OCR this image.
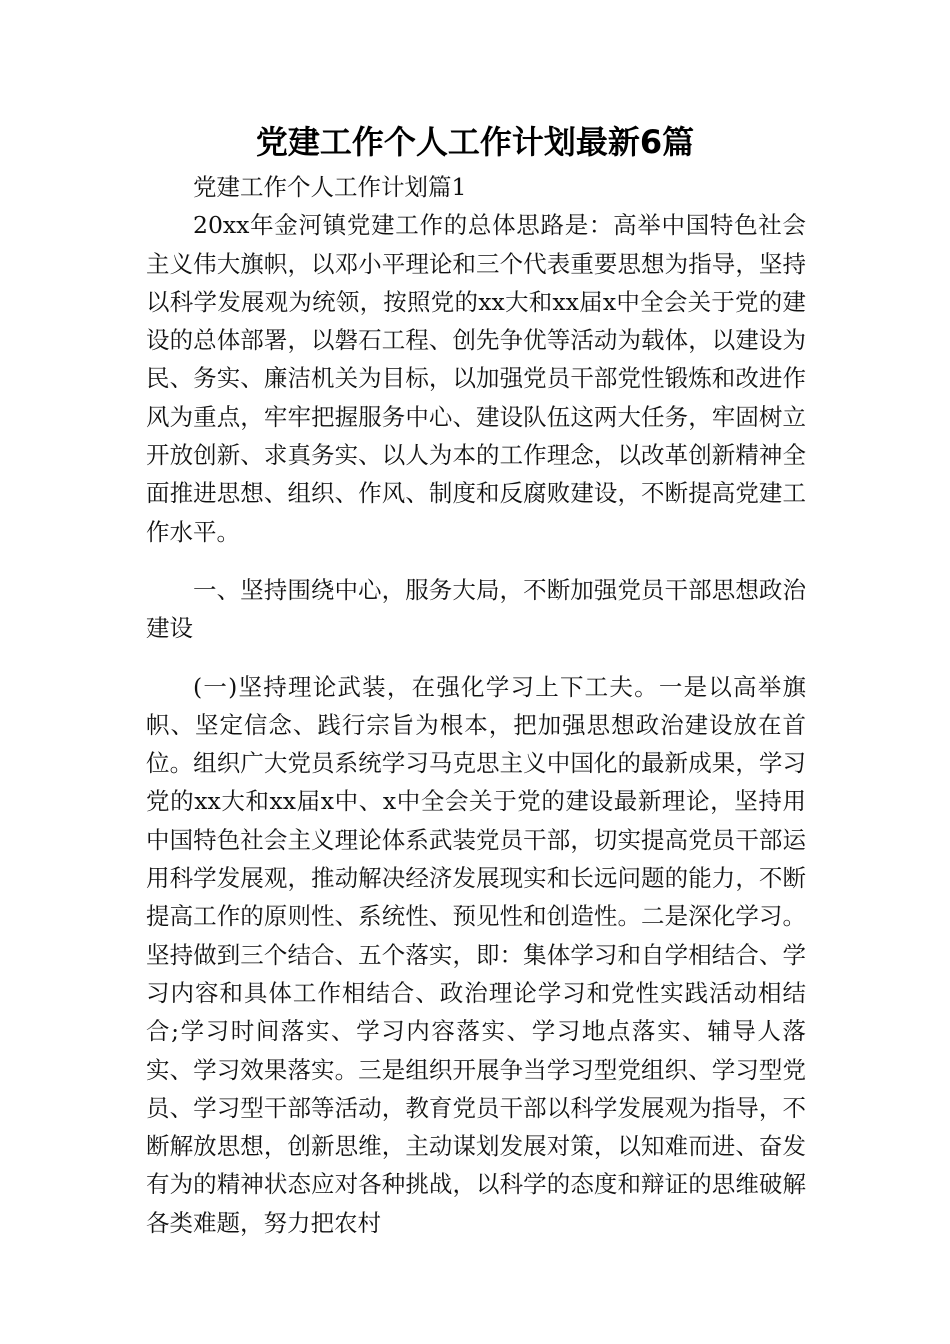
党建工作个人工作计划最新6篇

党建工作个人工作计划篇1

20xx年金河镇党建工作的总体思路是：高举中国特色社会主义伟大旗帜，以邓小平理论和三个代表重要思想为指导，坚持以科学发展观为统领，按照党的xx大和xx届x中全会关于党的建设的总体部署，以磐石工程、创先争优等活动为载体，以建设为民、务实、廉洁机关为目标，以加强党员干部党性锻炼和改进作风为重点，牢牢把握服务中心、建设队伍这两大任务，牢固树立开放创新、求真务实、以人为本的工作理念，以改革创新精神全面推进思想、组织、作风、制度和反腐败建设，不断提高党建工作水平。

一、坚持围绕中心，服务大局，不断加强党员干部思想政治建设

(一)坚持理论武装，在强化学习上下工夫。一是以高举旗帜、坚定信念、践行宗旨为根本，把加强思想政治建设放在首位。组织广大党员系统学习马克思主义中国化的最新成果，学习党的xx大和xx届x中、x中全会关于党的建设最新理论，坚持用中国特色社会主义理论体系武装党员干部，切实提高党员干部运用科学发展观，推动解决经济发展现实和长远问题的能力，不断提高工作的原则性、系统性、预见性和创造性。二是深化学习。坚持做到三个结合、五个落实，即：集体学习和自学相结合、学习内容和具体工作相结合、政治理论学习和党性实践活动相结合;学习时间落实、学习内容落实、学习地点落实、辅导人落实、学习效果落实。三是组织开展争当学习型党组织、学习型党员、学习型干部等活动，教育党员干部以科学发展观为指导，不断解放思想，创新思维，主动谋划发展对策，以知难而进、奋发有为的精神状态应对各种挑战，以科学的态度和辩证的思维破解各类难题，努力把农村
